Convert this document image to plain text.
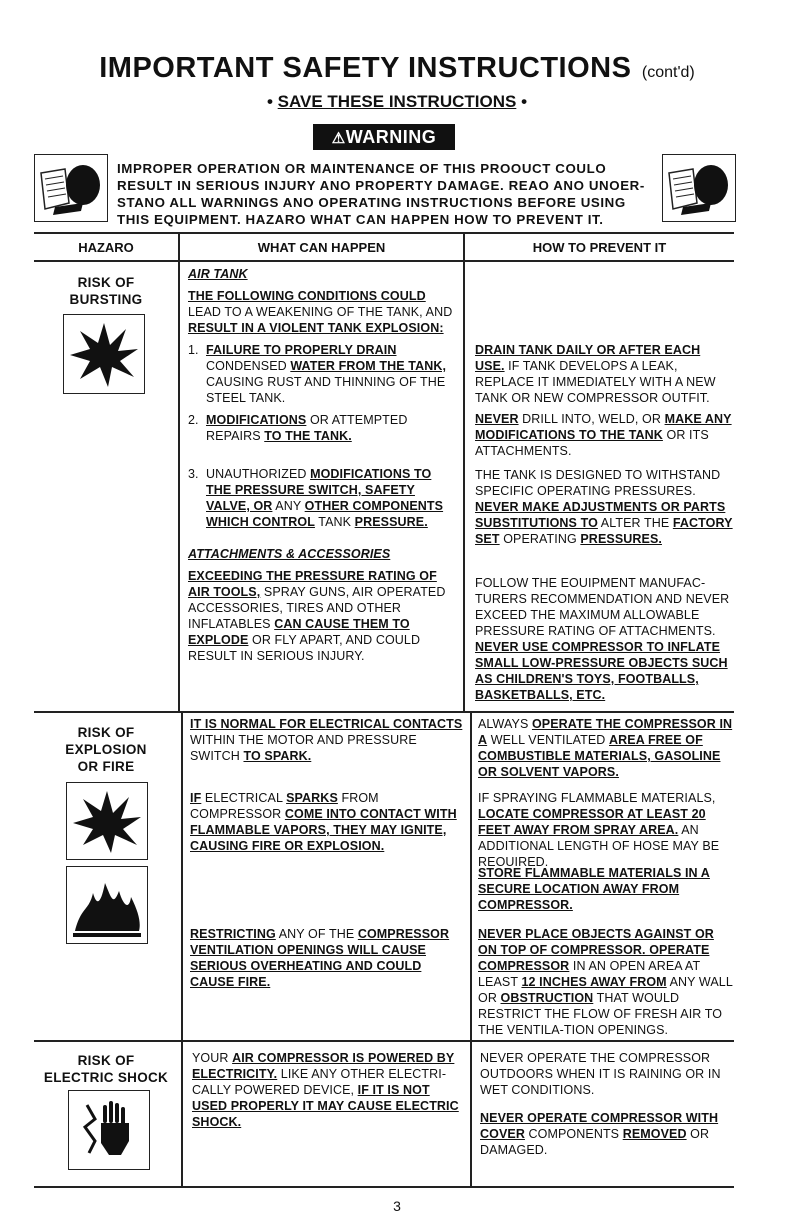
IMPORTANT SAFETY INSTRUCTIONS (cont'd)
• SAVE THESE INSTRUCTIONS •
⚠WARNING
IMPROPER OPERATION OR MAINTENANCE OF THIS PROOUCT COULO RESULT IN SERIOUS INJURY ANO PROPERTY DAMAGE. REAO ANO UNOER-STANO ALL WARNINGS ANO OPERATING INSTRUCTIONS BEFORE USING THIS EQUIPMENT. HAZARO WHAT CAN HAPPEN HOW TO PREVENT IT.
HAZARO	WHAT CAN HAPPEN	HOW TO PREVENT IT
RISK OF
BURSTING
AIR TANK
THE FOLLOWING CONDITIONS COULD
LEAD TO A WEAKENING OF THE TANK, AND
RESULT IN A VIOLENT TANK EXPLOSION:
1. FAILURE TO PROPERLY DRAIN
CONDENSED WATER FROM THE TANK, CAUSING RUST AND THINNING OF THE STEEL TANK.
2. MODIFICATIONS OR ATTEMPTED REPAIRS TO THE TANK.
3. UNAUTHORIZED MODIFICATIONS TO THE PRESSURE SWITCH, SAFETY VALVE, OR ANY OTHER COMPONENTS WHICH CONTROL TANK PRESSURE.
ATTACHMENTS & ACCESSORIES
EXCEEDING THE PRESSURE RATING OF AIR TOOLS, SPRAY GUNS, AIR OPERATED ACCESSORIES, TIRES AND OTHER INFLATABLES CAN CAUSE THEM TO EXPLODE OR FLY APART, AND COULD RESULT IN SERIOUS INJURY.
DRAIN TANK DAILY OR AFTER EACH USE. IF TANK DEVELOPS A LEAK, REPLACE IT IMMEDIATELY WITH A NEW TANK OR NEW COMPRESSOR OUTFIT.
NEVER DRILL INTO, WELD, OR MAKE ANY MODIFICATIONS TO THE TANK OR ITS ATTACHMENTS.
THE TANK IS DESIGNED TO WITHSTAND SPECIFIC OPERATING PRESSURES. NEVER MAKE ADJUSTMENTS OR PARTS SUBSTITUTIONS TO ALTER THE FACTORY SET OPERATING PRESSURES.
FOLLOW THE EOUIPMENT MANUFAC-TURERS RECOMMENDATION AND NEVER EXCEED THE MAXIMUM ALLOWABLE PRESSURE RATING OF ATTACHMENTS. NEVER USE COMPRESSOR TO INFLATE SMALL LOW-PRESSURE OBJECTS SUCH AS CHILDREN'S TOYS, FOOTBALLS, BASKETBALLS, ETC.
RISK OF
EXPLOSION
OR FIRE
IT IS NORMAL FOR ELECTRICAL CONTACTS WITHIN THE MOTOR AND PRESSURE SWITCH TO SPARK.
IF ELECTRICAL SPARKS FROM COMPRESSOR COME INTO CONTACT WITH FLAMMABLE VAPORS, THEY MAY IGNITE, CAUSING FIRE OR EXPLOSION.
RESTRICTING ANY OF THE COMPRESSOR VENTILATION OPENINGS WILL CAUSE SERIOUS OVERHEATING AND COULD CAUSE FIRE.
ALWAYS OPERATE THE COMPRESSOR IN A WELL VENTILATED AREA FREE OF COMBUSTIBLE MATERIALS, GASOLINE OR SOLVENT VAPORS.
IF SPRAYING FLAMMABLE MATERIALS, LOCATE COMPRESSOR AT LEAST 20 FEET AWAY FROM SPRAY AREA. AN ADDITIONAL LENGTH OF HOSE MAY BE REOUIRED.
STORE FLAMMABLE MATERIALS IN A SECURE LOCATION AWAY FROM COMPRESSOR.
NEVER PLACE OBJECTS AGAINST OR ON TOP OF COMPRESSOR. OPERATE COMPRESSOR IN AN OPEN AREA AT LEAST 12 INCHES AWAY FROM ANY WALL OR OBSTRUCTION THAT WOULD RESTRICT THE FLOW OF FRESH AIR TO THE VENTILA-TION OPENINGS.
RISK OF
ELECTRIC SHOCK
YOUR AIR COMPRESSOR IS POWERED BY ELECTRICITY. LIKE ANY OTHER ELECTRI-CALLY POWERED DEVICE, IF IT IS NOT USED PROPERLY IT MAY CAUSE ELECTRIC SHOCK.
NEVER OPERATE THE COMPRESSOR OUTDOORS WHEN IT IS RAINING OR IN WET CONDITIONS.
NEVER OPERATE COMPRESSOR WITH COVER COMPONENTS REMOVED OR DAMAGED.
3
